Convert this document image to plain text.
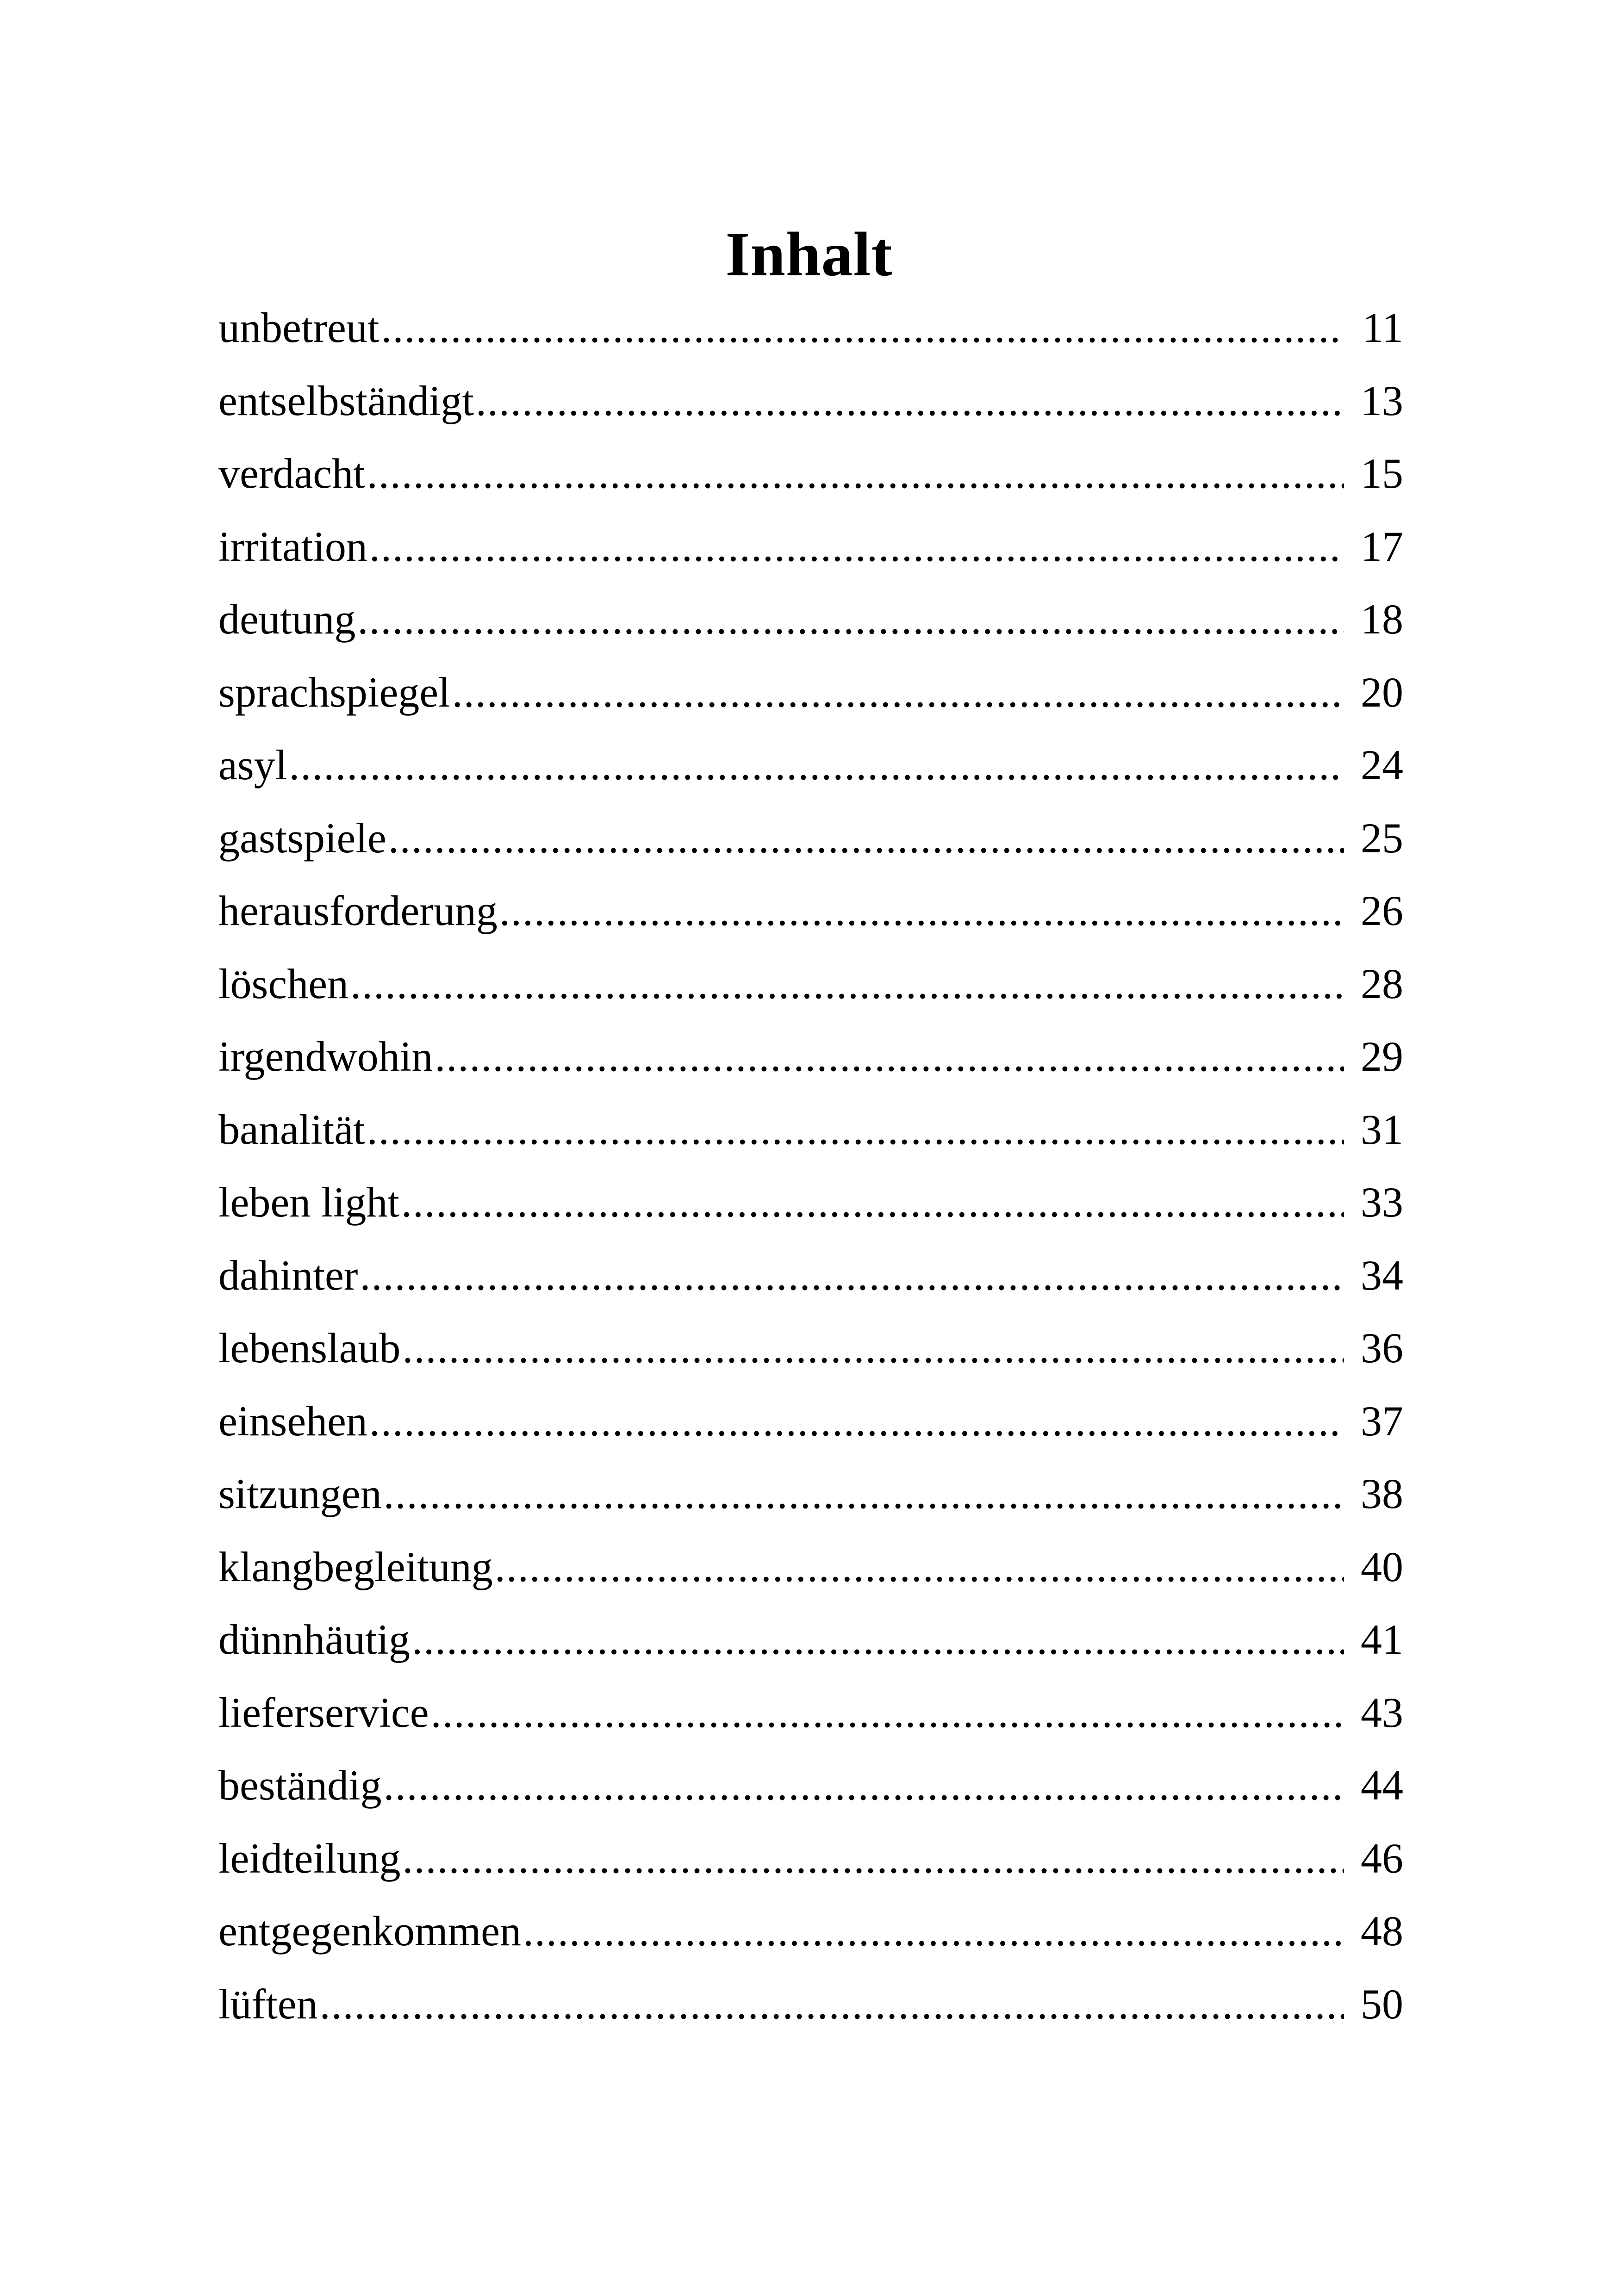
Inhalt
unbetreut .....	11
entselbständigt .....	13
verdacht .....	15
irritation .....	17
deutung .....	18
sprachspiegel .....	20
asyl .....	24
gastspiele .....	25
herausforderung .....	26
löschen .....	28
irgendwohin .....	29
banalität .....	31
leben light .....	33
dahinter .....	34
lebenslaub .....	36
einsehen .....	37
sitzungen .....	38
klangbegleitung .....	40
dünnhäutig .....	41
lieferservice .....	43
beständig .....	44
leidteilung .....	46
entgegenkommen .....	48
lüften .....	50
